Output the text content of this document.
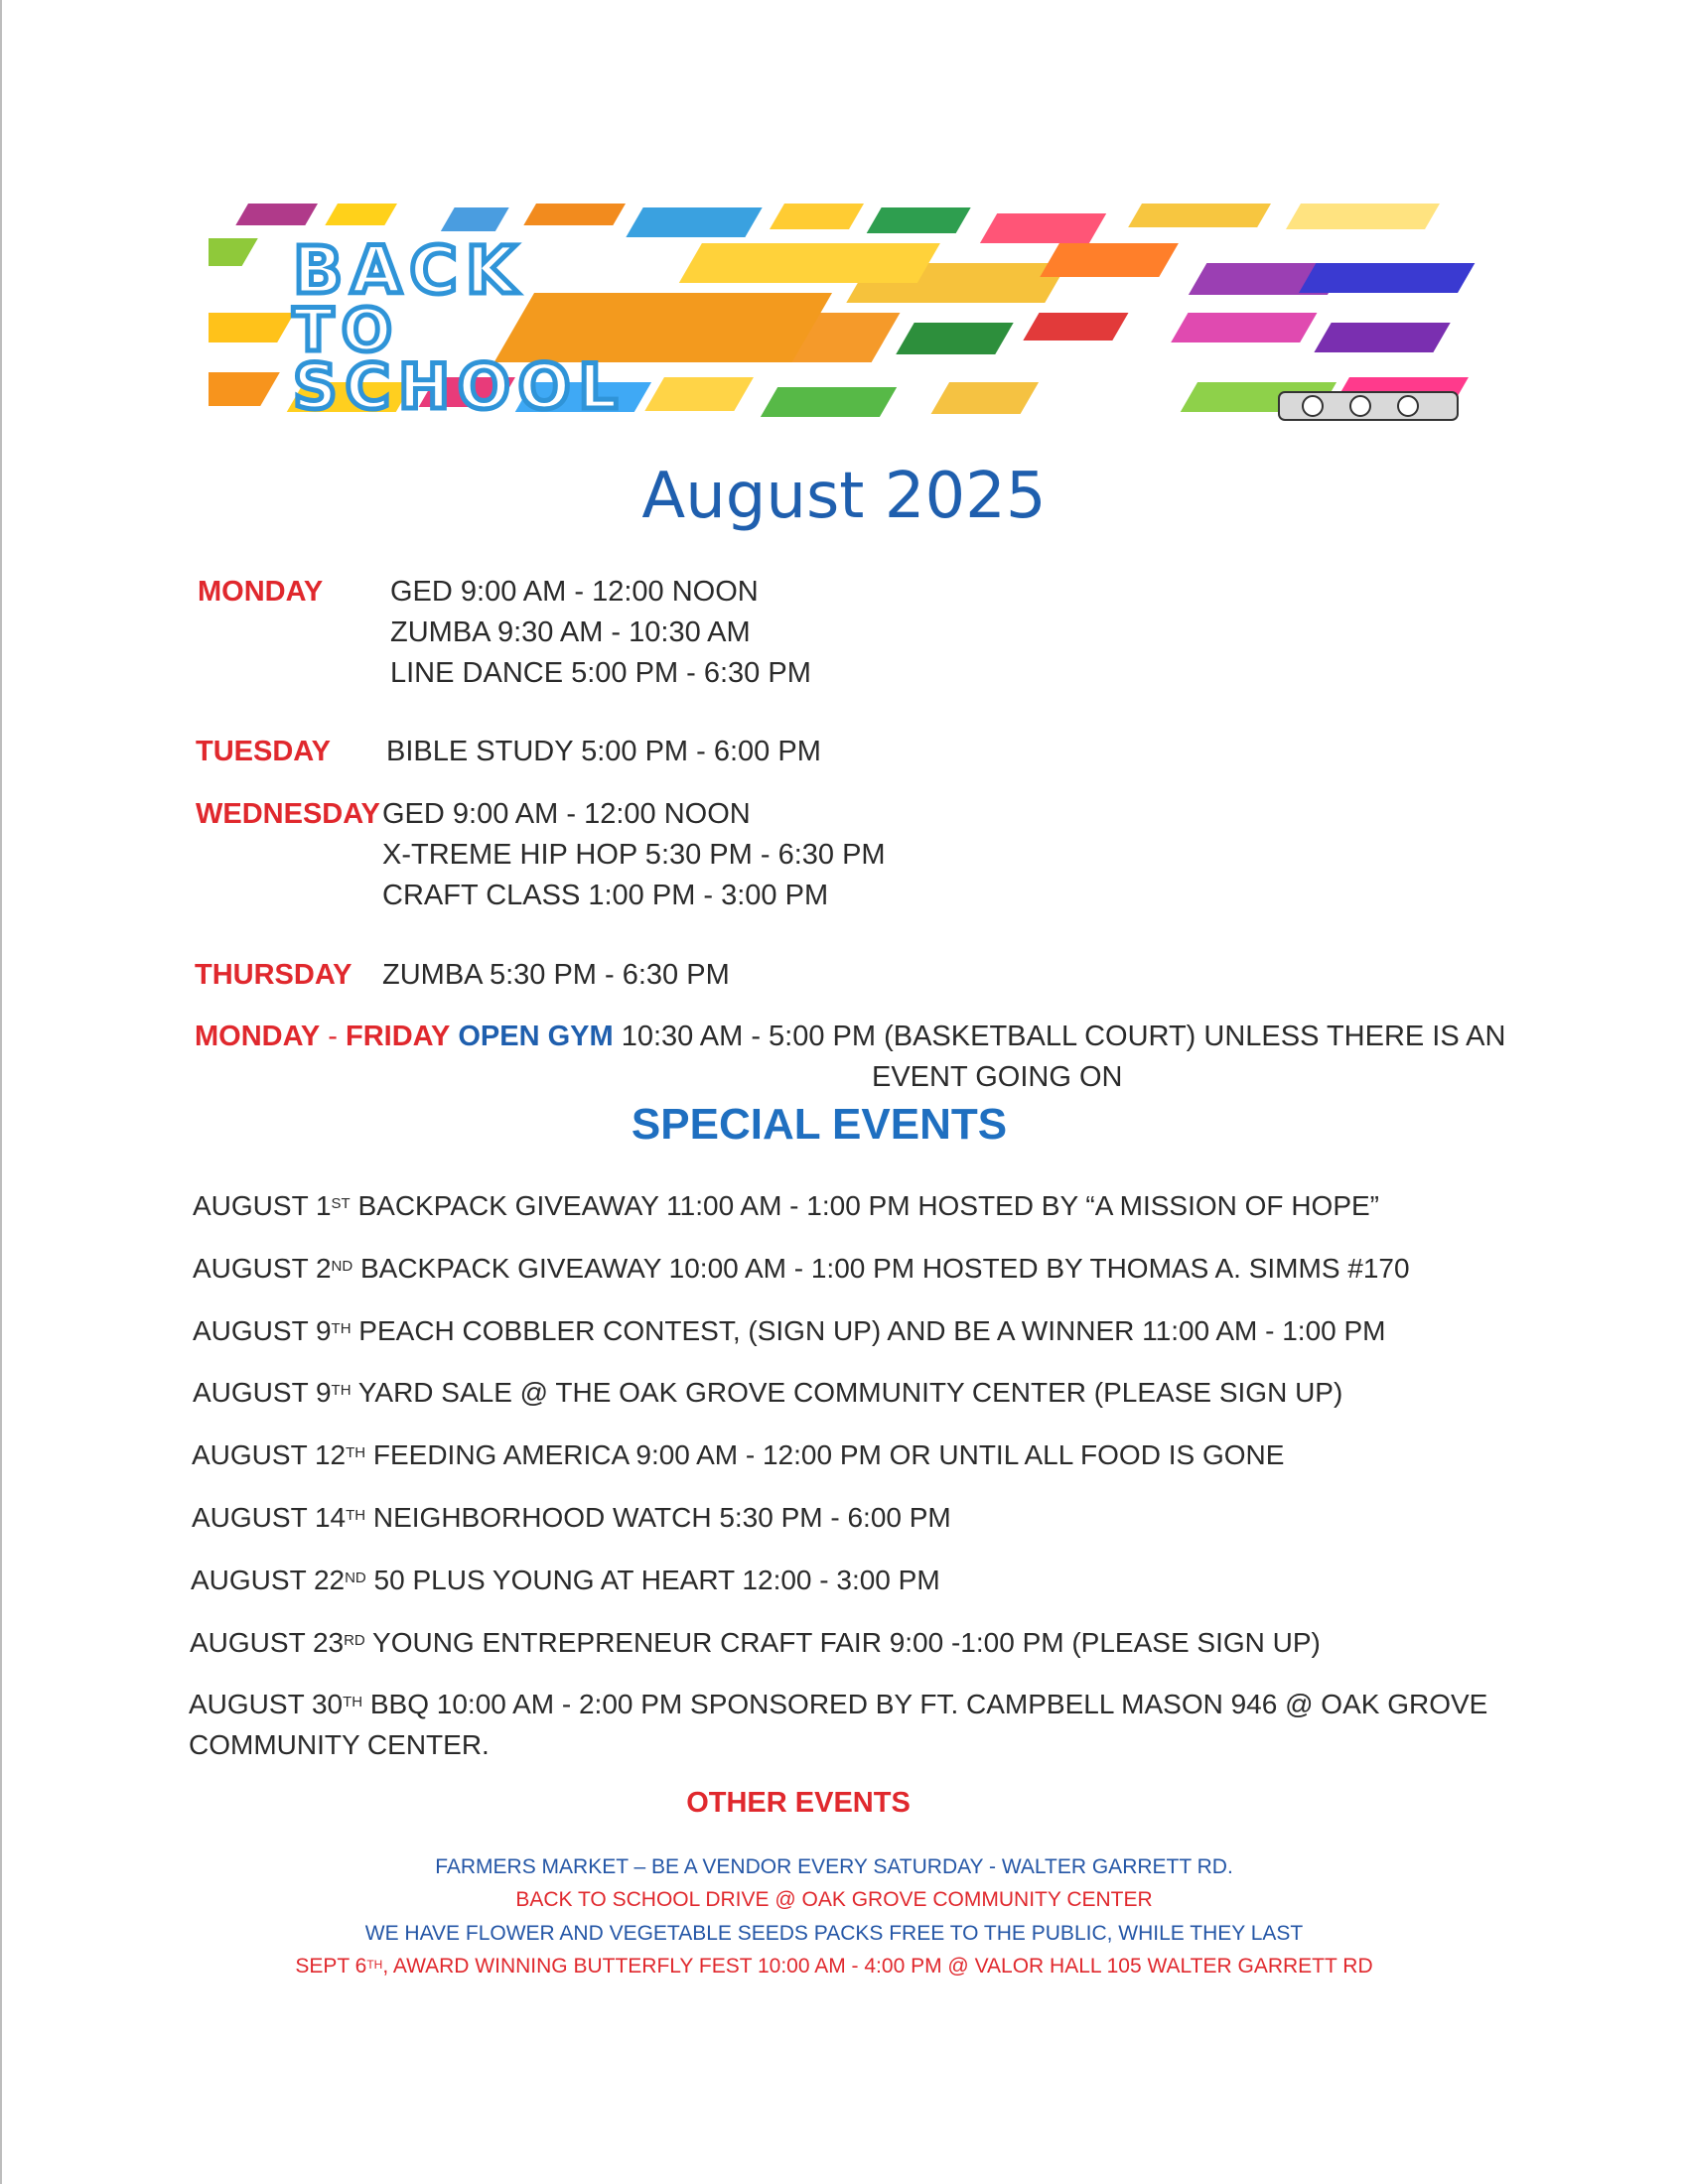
BACK
TO
SCHOOL
August 2025
MONDAY GED 9:00 AM - 12:00 NOON
ZUMBA 9:30 AM - 10:30 AM
LINE DANCE 5:00 PM - 6:30 PM
TUESDAY BIBLE STUDY 5:00 PM - 6:00 PM
WEDNESDAY GED 9:00 AM - 12:00 NOON
X-TREME HIP HOP 5:30 PM - 6:30 PM
CRAFT CLASS 1:00 PM - 3:00 PM
THURSDAY ZUMBA 5:30 PM - 6:30 PM
MONDAY - FRIDAY OPEN GYM 10:30 AM - 5:00 PM (BASKETBALL COURT) UNLESS THERE IS AN
EVENT GOING ON
SPECIAL EVENTS
AUGUST 1ST BACKPACK GIVEAWAY 11:00 AM - 1:00 PM HOSTED BY “A MISSION OF HOPE”
AUGUST 2ND BACKPACK GIVEAWAY 10:00 AM - 1:00 PM HOSTED BY THOMAS A. SIMMS #170
AUGUST 9TH PEACH COBBLER CONTEST, (SIGN UP) AND BE A WINNER 11:00 AM - 1:00 PM
AUGUST 9TH YARD SALE @ THE OAK GROVE COMMUNITY CENTER (PLEASE SIGN UP)
AUGUST 12TH FEEDING AMERICA 9:00 AM - 12:00 PM OR UNTIL ALL FOOD IS GONE
AUGUST 14TH NEIGHBORHOOD WATCH 5:30 PM - 6:00 PM
AUGUST 22ND 50 PLUS YOUNG AT HEART 12:00 - 3:00 PM
AUGUST 23RD YOUNG ENTREPRENEUR CRAFT FAIR 9:00 -1:00 PM (PLEASE SIGN UP)
AUGUST 30TH BBQ 10:00 AM - 2:00 PM SPONSORED BY FT. CAMPBELL MASON 946 @ OAK GROVE
COMMUNITY CENTER.
OTHER EVENTS
FARMERS MARKET – BE A VENDOR EVERY SATURDAY - WALTER GARRETT RD.
BACK TO SCHOOL DRIVE @ OAK GROVE COMMUNITY CENTER
WE HAVE FLOWER AND VEGETABLE SEEDS PACKS FREE TO THE PUBLIC, WHILE THEY LAST
SEPT 6TH, AWARD WINNING BUTTERFLY FEST 10:00 AM - 4:00 PM @ VALOR HALL 105 WALTER GARRETT RD
